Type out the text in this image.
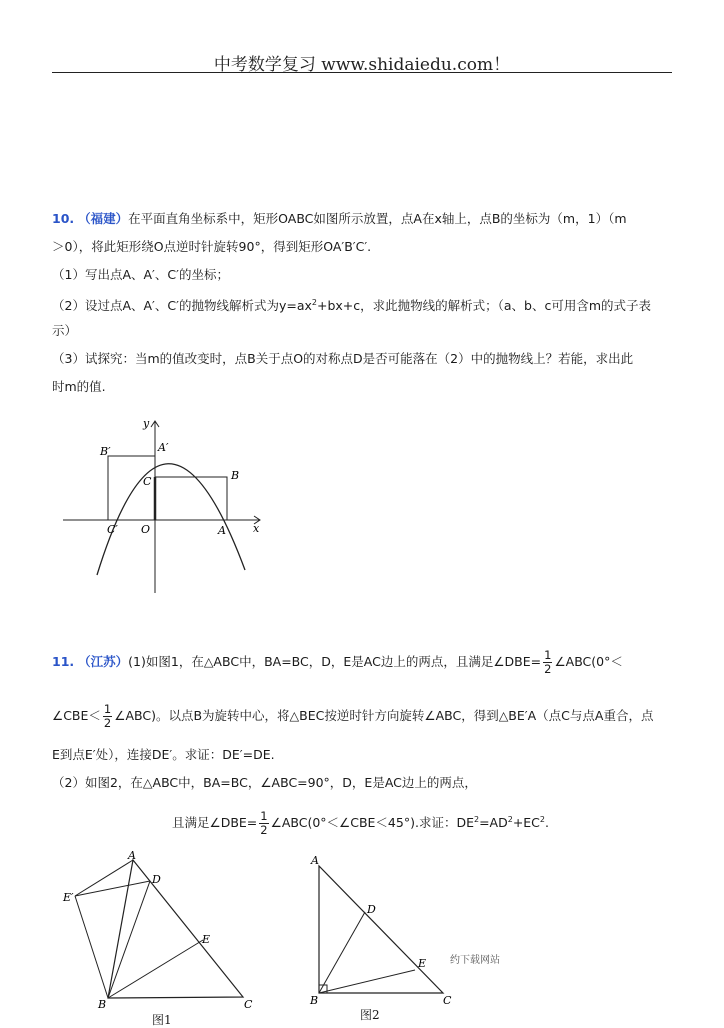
中考数学复习 www.shidaiedu.com！
10. （福建）在平面直角坐标系中，矩形OABC如图所示放置，点A在x轴上，点B的坐标为（m，1）（m
＞0），将此矩形绕O点逆时针旋转90°，得到矩形OA′B′C′.
（1）写出点A、A′、C′的坐标；
（2）设过点A、A′、C′的抛物线解析式为$y=ax^2+bx+c$，求此抛物线的解析式；（a、b、c可用含m的式子表
示）
（3）试探究：当m的值改变时，点B关于点O的对称点D是否可能落在（2）中的抛物线上？若能，求出此
时m的值.
y
x
A′
B′
B
C
O
C′	A
11. （江苏）(1)如图1，在△ABC中，BA=BC，D，E是AC边上的两点，且满足∠DBE= $\frac{1}{2}$ ∠ABC(0°＜
∠CBE＜ $\frac{1}{2}$ ∠ABC)。以点B为旋转中心，将△BEC按逆时针方向旋转∠ABC，得到△BE′A（点C与点A重合，点
E到点E′处），连接DE′。求证：DE′=DE.
（2）如图2，在△ABC中，BA=BC，∠ABC=90°，D，E是AC边上的两点，
且满足∠DBE= $\frac{1}{2}$ ∠ABC(0°＜∠CBE＜45°).求证：$DE^2=AD^2+EC^2$.
A
B	C
D
E
E′
图1
A
B	C
D
E
图2
约下载网站
